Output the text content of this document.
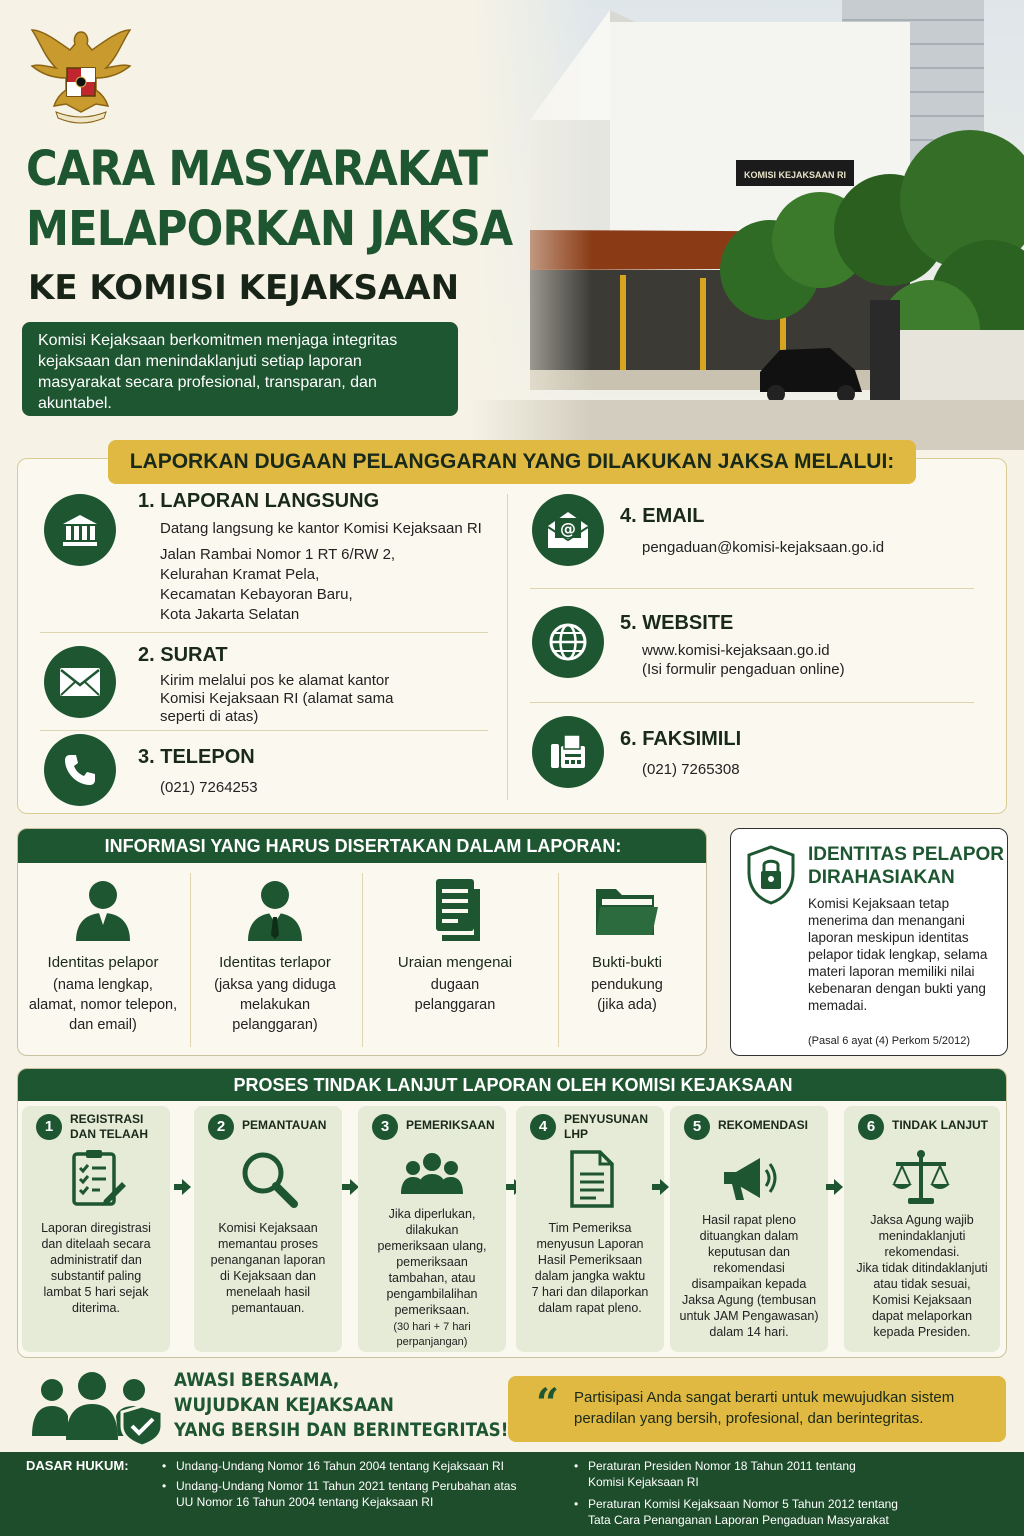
CARA MASYARAKAT
MELAPORKAN JAKSA
KE KOMISI KEJAKSAAN
Komisi Kejaksaan berkomitmen menjaga integritas kejaksaan dan menindaklanjuti setiap laporan masyarakat secara profesional, transparan, dan akuntabel.
LAPORKAN DUGAAN PELANGGARAN YANG DILAKUKAN JAKSA MELALUI:
1. LAPORAN LANGSUNG
Datang langsung ke kantor Komisi Kejaksaan RI
Jalan Rambai Nomor 1 RT 6/RW 2,
Kelurahan Kramat Pela,
Kecamatan Kebayoran Baru,
Kota Jakarta Selatan
2. SURAT
Kirim melalui pos ke alamat kantor
Komisi Kejaksaan RI (alamat sama
seperti di atas)
3. TELEPON
(021) 7264253
@
4. EMAIL
pengaduan@komisi-kejaksaan.go.id
5. WEBSITE
www.komisi-kejaksaan.go.id
(Isi formulir pengaduan online)
6. FAKSIMILI
(021) 7265308
INFORMASI YANG HARUS DISERTAKAN DALAM LAPORAN:
Identitas pelapor
(nama lengkap,
alamat, nomor telepon,
dan email)
Identitas terlapor
(jaksa yang diduga
melakukan
pelanggaran)
Uraian mengenai
dugaan
pelanggaran
Bukti-bukti
pendukung
(jika ada)
IDENTITAS PELAPOR
DIRAHASIAKAN
Komisi Kejaksaan tetap menerima dan menangani laporan meskipun identitas pelapor tidak lengkap, selama materi laporan memiliki nilai kebenaran dengan bukti yang memadai.
(Pasal 6 ayat (4) Perkom 5/2012)
PROSES TINDAK LANJUT LAPORAN OLEH KOMISI KEJAKSAAN
1	REGISTRASI
DAN TELAAH
Laporan diregistrasi
dan ditelaah secara
administratif dan
substantif paling
lambat 5 hari sejak
diterima.
2	PEMANTAUAN
Komisi Kejaksaan
memantau proses
penanganan laporan
di Kejaksaan dan
menelaah hasil
pemantauan.
3	PEMERIKSAAN
Jika diperlukan,
dilakukan
pemeriksaan ulang,
pemeriksaan
tambahan, atau
pengambilalihan
pemeriksaan.
(30 hari + 7 hari
perpanjangan)
4	PENYUSUNAN
LHP
Tim Pemeriksa
menyusun Laporan
Hasil Pemeriksaan
dalam jangka waktu
7 hari dan dilaporkan
dalam rapat pleno.
5	REKOMENDASI
Hasil rapat pleno
dituangkan dalam
keputusan dan
rekomendasi
disampaikan kepada
Jaksa Agung (tembusan
untuk JAM Pengawasan)
dalam 14 hari.
6	TINDAK LANJUT
Jaksa Agung wajib
menindaklanjuti
rekomendasi.
Jika tidak ditindaklanjuti
atau tidak sesuai,
Komisi Kejaksaan
dapat melaporkan
kepada Presiden.
AWASI BERSAMA,
WUJUDKAN KEJAKSAAN
YANG BERSIH DAN BERINTEGRITAS!
“ Partisipasi Anda sangat berarti untuk mewujudkan sistem peradilan yang bersih, profesional, dan berintegritas.
DASAR HUKUM:
•	Undang-Undang Nomor 16 Tahun 2004 tentang Kejaksaan RI
• Undang-Undang Nomor 11 Tahun 2021 tentang Perubahan atas
UU Nomor 16 Tahun 2004 tentang Kejaksaan RI
• Peraturan Presiden Nomor 18 Tahun 2011 tentang
Komisi Kejaksaan RI
• Peraturan Komisi Kejaksaan Nomor 5 Tahun 2012 tentang
Tata Cara Penanganan Laporan Pengaduan Masyarakat
